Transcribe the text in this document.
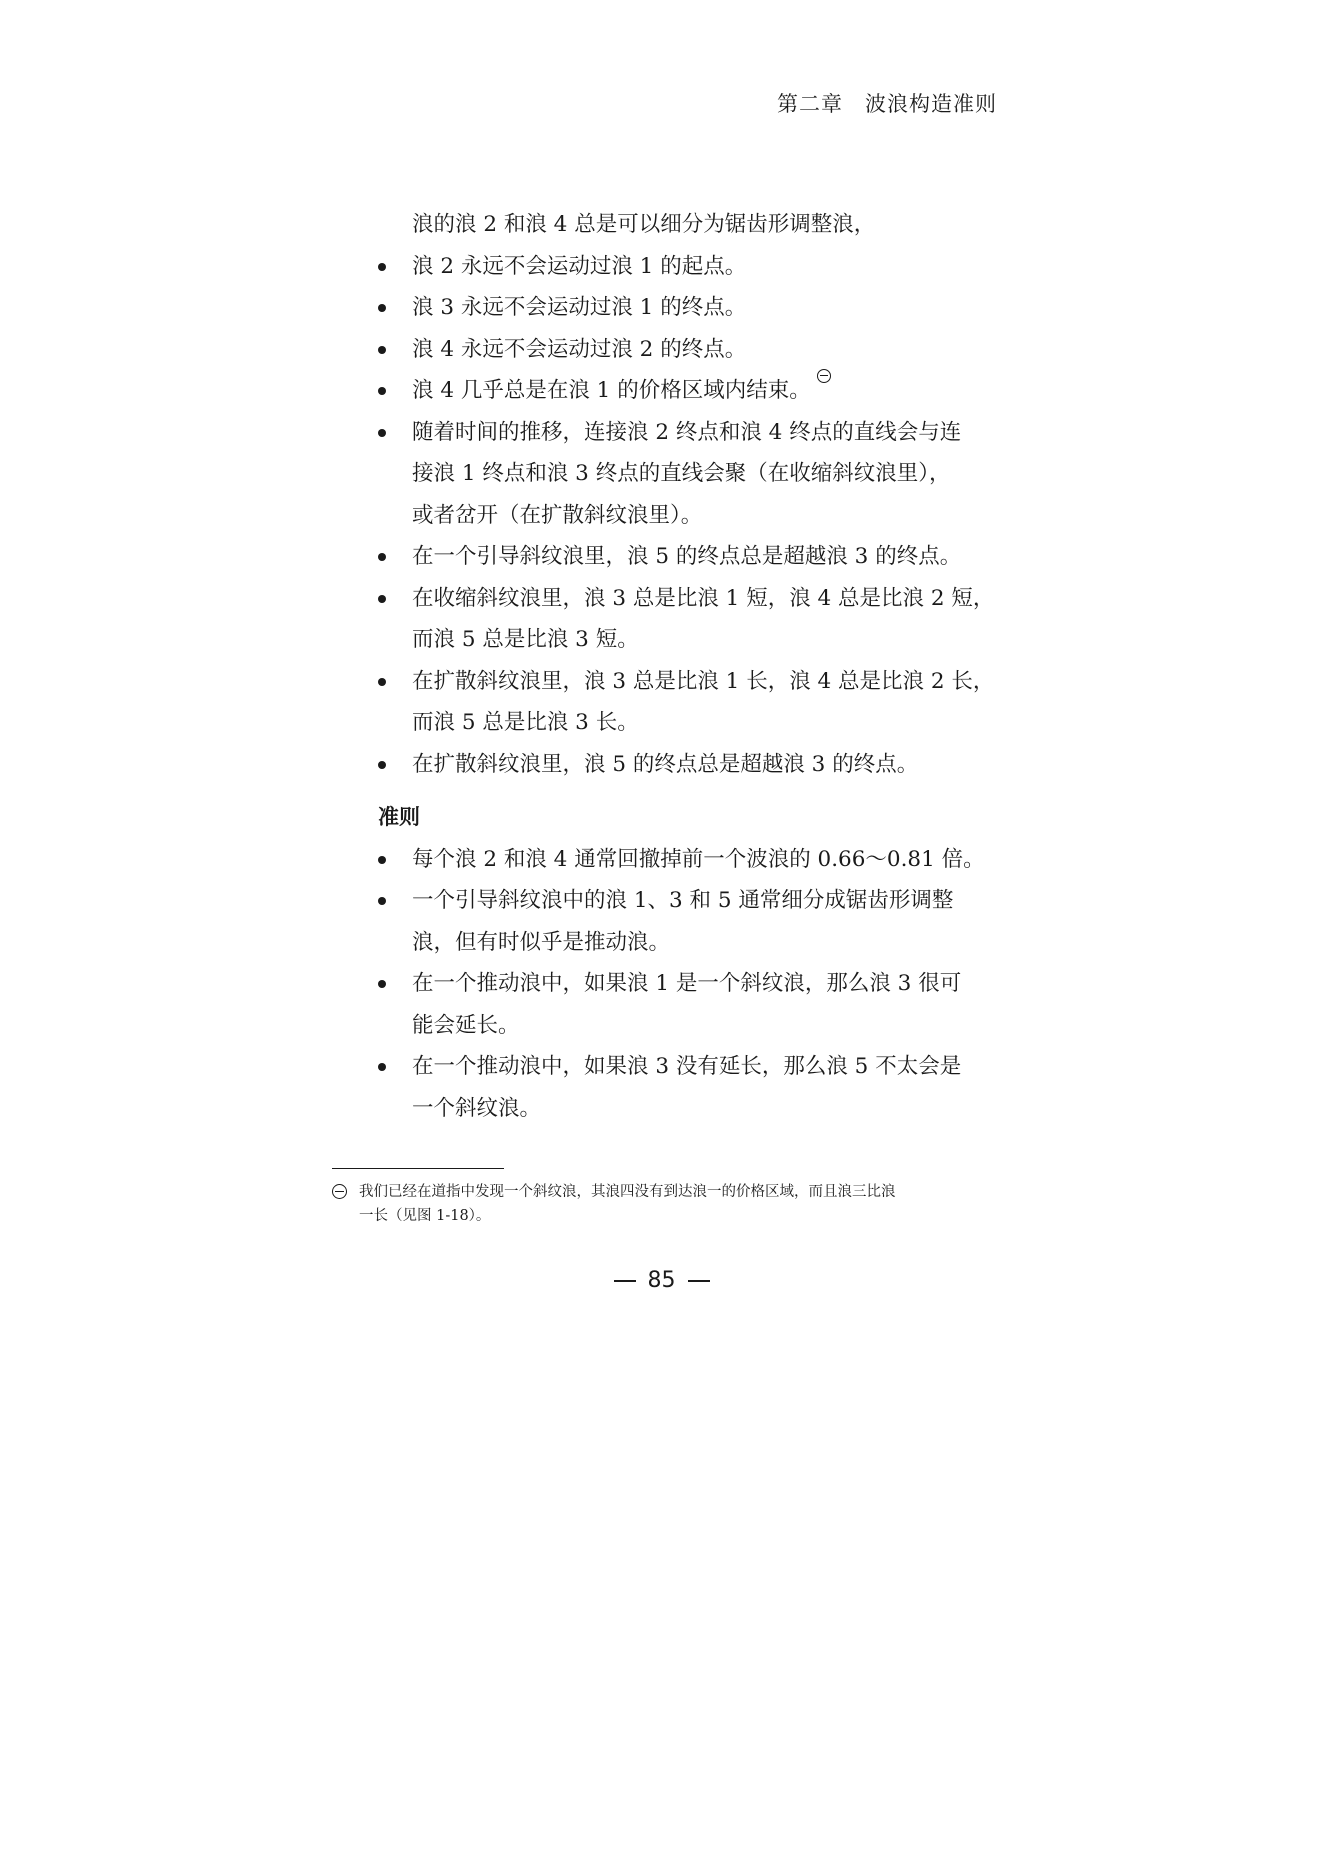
第二章　波浪构造准则
浪的浪 2 和浪 4 总是可以细分为锯齿形调整浪，
浪 2 永远不会运动过浪 1 的起点。
浪 3 永远不会运动过浪 1 的终点。
浪 4 永远不会运动过浪 2 的终点。
浪 4 几乎总是在浪 1 的价格区域内结束。
随着时间的推移，连接浪 2 终点和浪 4 终点的直线会与连
接浪 1 终点和浪 3 终点的直线会聚（在收缩斜纹浪里），
或者岔开（在扩散斜纹浪里）。
在一个引导斜纹浪里，浪 5 的终点总是超越浪 3 的终点。
在收缩斜纹浪里，浪 3 总是比浪 1 短，浪 4 总是比浪 2 短，
而浪 5 总是比浪 3 短。
在扩散斜纹浪里，浪 3 总是比浪 1 长，浪 4 总是比浪 2 长，
而浪 5 总是比浪 3 长。
在扩散斜纹浪里，浪 5 的终点总是超越浪 3 的终点。
准则
每个浪 2 和浪 4 通常回撤掉前一个波浪的 0.66～0.81 倍。
一个引导斜纹浪中的浪 1、3 和 5 通常细分成锯齿形调整
浪，但有时似乎是推动浪。
在一个推动浪中，如果浪 1 是一个斜纹浪，那么浪 3 很可
能会延长。
在一个推动浪中，如果浪 3 没有延长，那么浪 5 不太会是
一个斜纹浪。
我们已经在道指中发现一个斜纹浪，其浪四没有到达浪一的价格区域，而且浪三比浪
一长（见图 1-18）。
85
